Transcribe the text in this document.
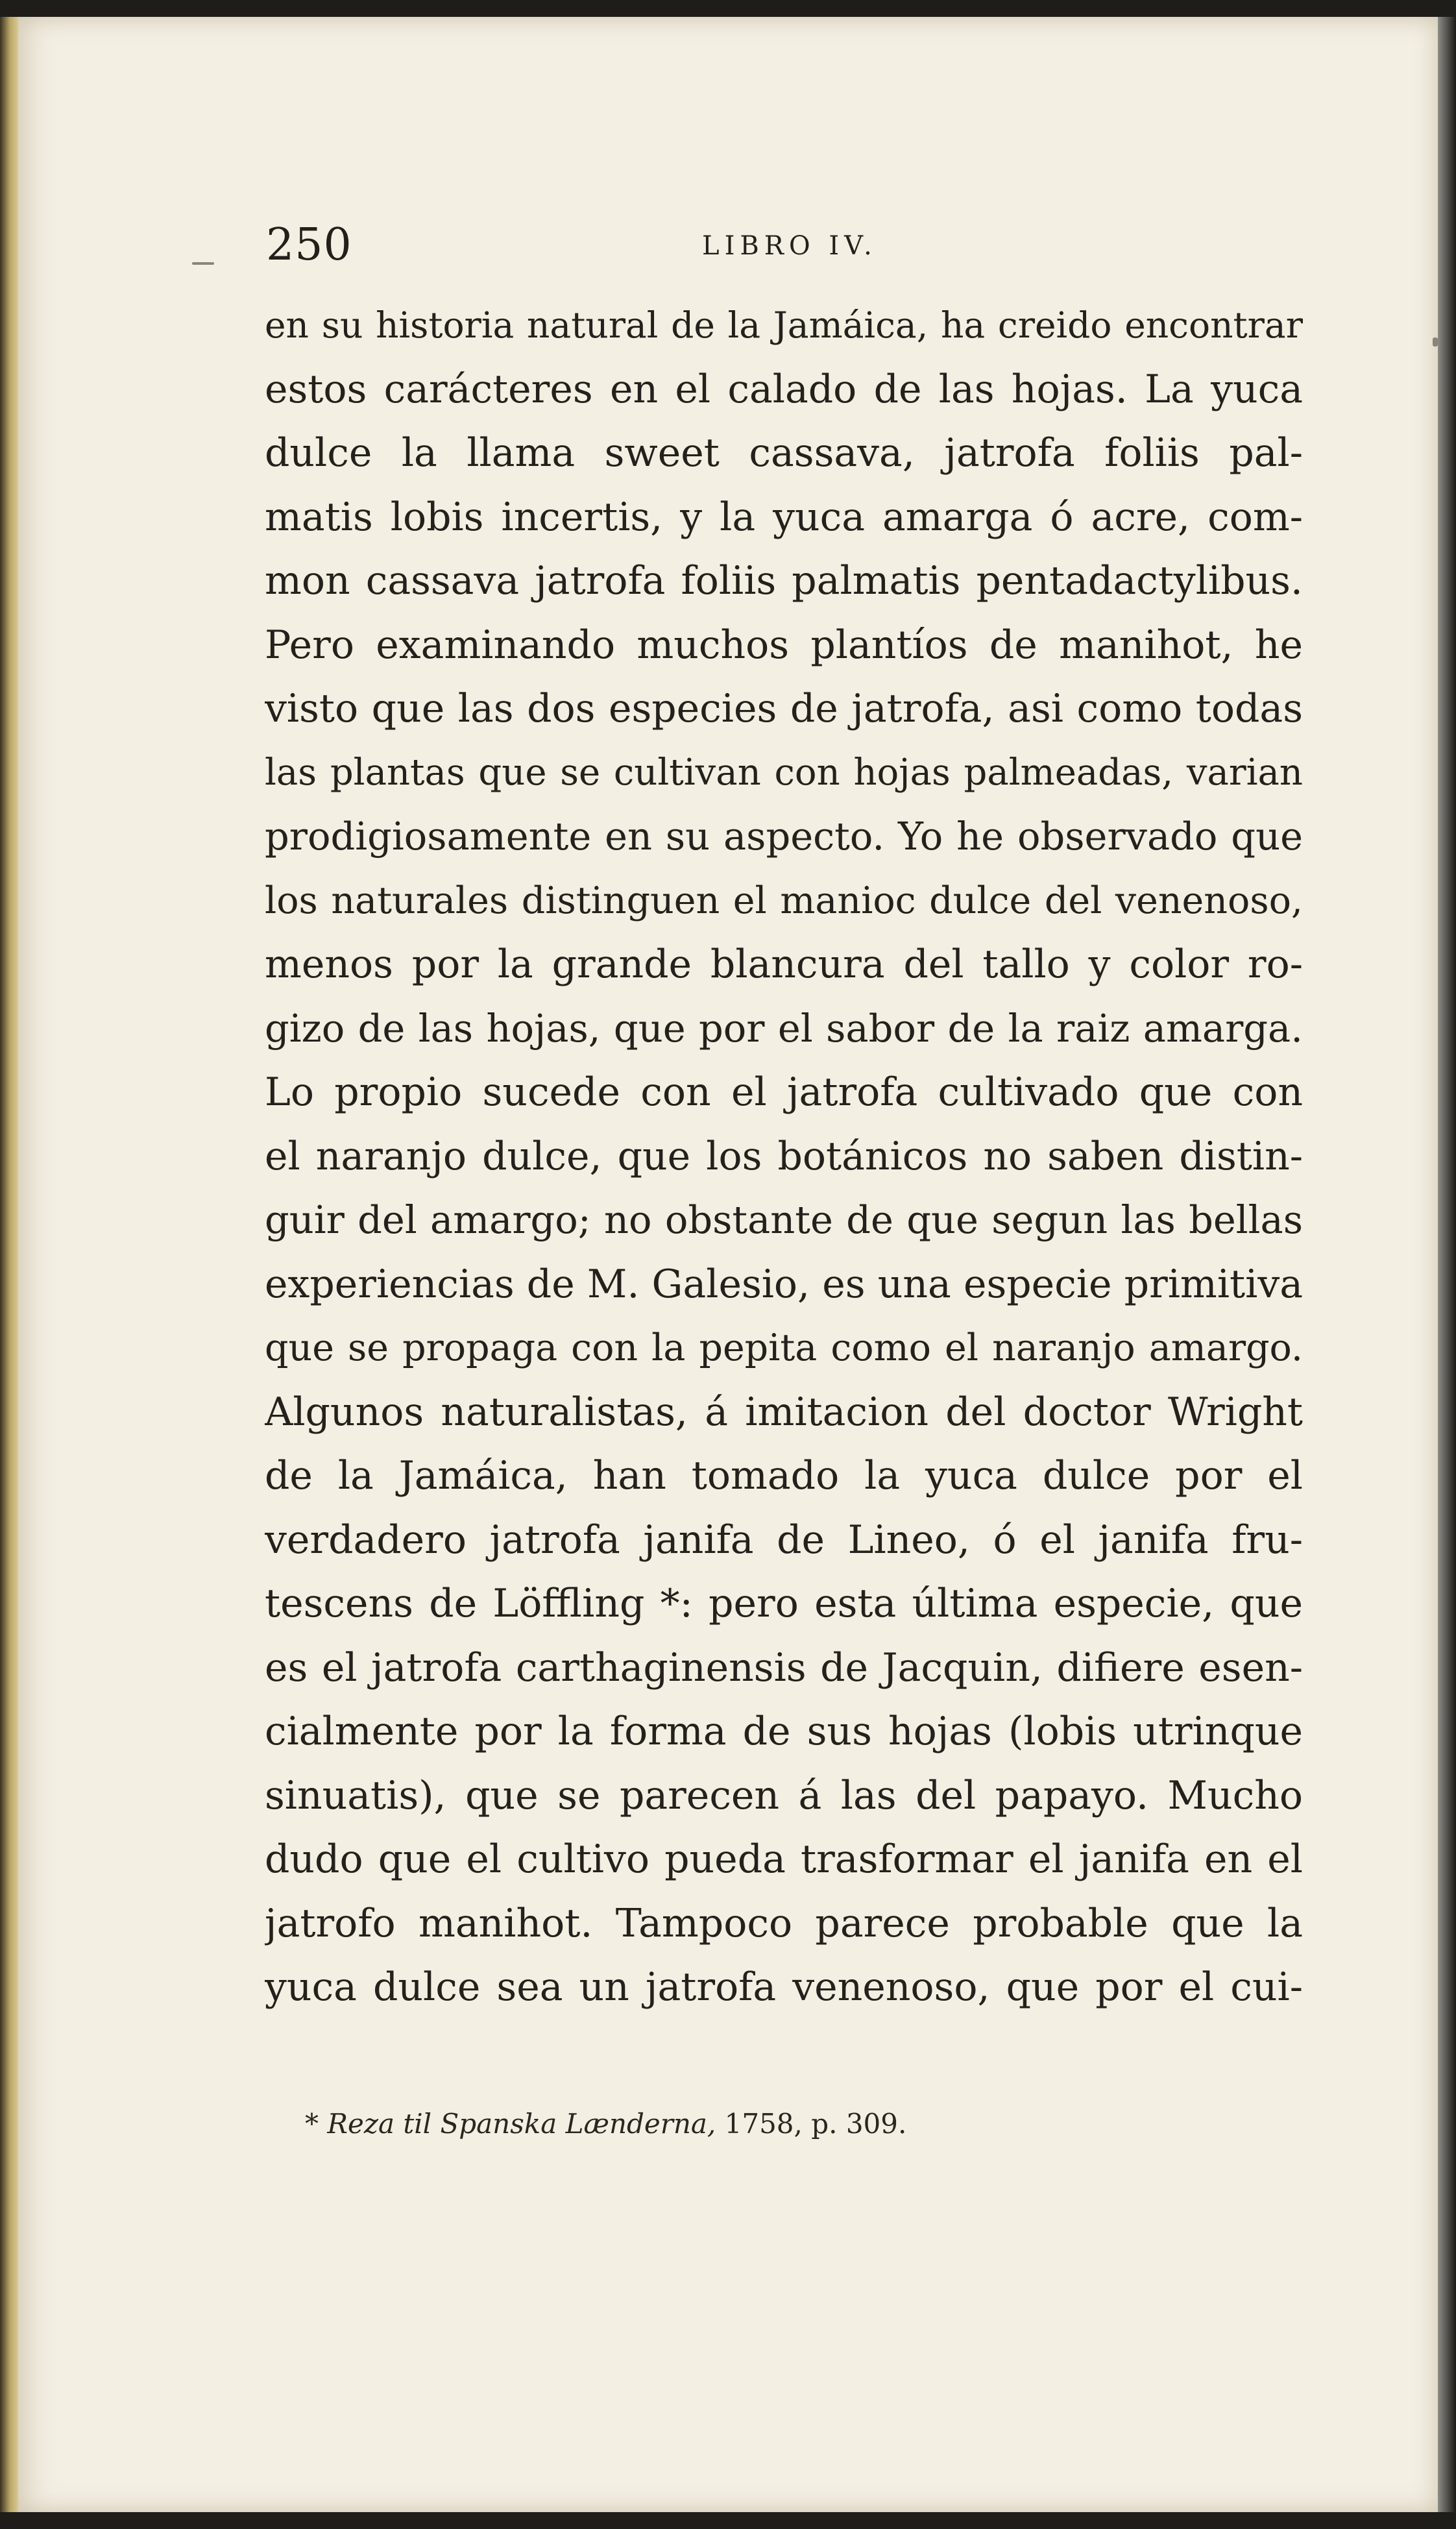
250	LIBRO IV.
en su historia natural de la Jamáica, ha creido encontrar
estos carácteres en el calado de las hojas. La yuca
dulce la llama sweet cassava, jatrofa foliis pal-
matis lobis incertis, y la yuca amarga ó acre, com-
mon cassava jatrofa foliis palmatis pentadactylibus.
Pero examinando muchos plantíos de manihot, he
visto que las dos especies de jatrofa, asi como todas
las plantas que se cultivan con hojas palmeadas, varian
prodigiosamente en su aspecto. Yo he observado que
los naturales distinguen el manioc dulce del venenoso,
menos por la grande blancura del tallo y color ro-
gizo de las hojas, que por el sabor de la raiz amarga.
Lo propio sucede con el jatrofa cultivado que con
el naranjo dulce, que los botánicos no saben distin-
guir del amargo; no obstante de que segun las bellas
experiencias de M. Galesio, es una especie primitiva
que se propaga con la pepita como el naranjo amargo.
Algunos naturalistas, á imitacion del doctor Wright
de la Jamáica, han tomado la yuca dulce por el
verdadero jatrofa janifa de Lineo, ó el janifa fru-
tescens de Löffling *: pero esta última especie, que
es el jatrofa carthaginensis de Jacquin, difiere esen-
cialmente por la forma de sus hojas (lobis utrinque
sinuatis), que se parecen á las del papayo. Mucho
dudo que el cultivo pueda trasformar el janifa en el
jatrofo manihot. Tampoco parece probable que la
yuca dulce sea un jatrofa venenoso, que por el cui-
* Reza til Spanska Lænderna, 1758, p. 309.
